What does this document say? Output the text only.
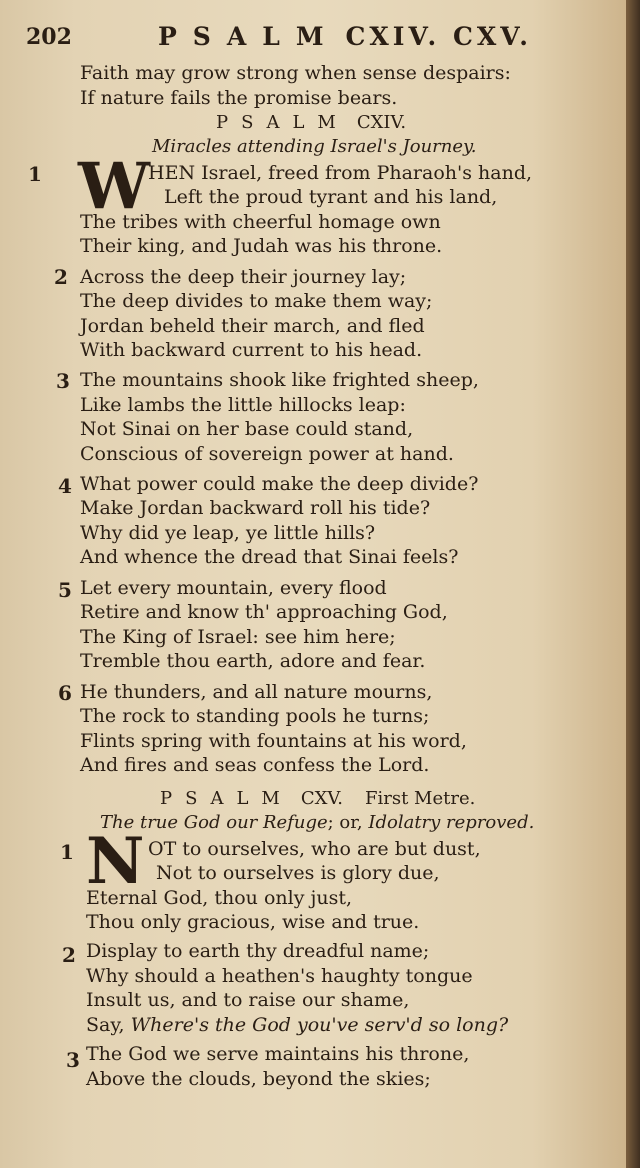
202	PSALM CXIV. CXV.
Faith may grow strong when sense despairs:
If nature fails the promise bears.
PSALM CXIV.
Miracles attending Israel's Journey.
1 W
HEN Israel, freed from Pharaoh's hand,
Left the proud tyrant and his land,
The tribes with cheerful homage own
Their king, and Judah was his throne.
2 Across the deep their journey lay;
The deep divides to make them way;
Jordan beheld their march, and fled
With backward current to his head.
3 The mountains shook like frighted sheep,
Like lambs the little hillocks leap:
Not Sinai on her base could stand,
Conscious of sovereign power at hand.
4 What power could make the deep divide?
Make Jordan backward roll his tide?
Why did ye leap, ye little hills?
And whence the dread that Sinai feels?
5 Let every mountain, every flood
Retire and know th' approaching God,
The King of Israel: see him here;
Tremble thou earth, adore and fear.
6 He thunders, and all nature mourns,
The rock to standing pools he turns;
Flints spring with fountains at his word,
And fires and seas confess the Lord.
PSALM CXV. First Metre.
The true God our Refuge; or, Idolatry reproved.
1 N OT to ourselves, who are but dust,
Not to ourselves is glory due,
Eternal God, thou only just,
Thou only gracious, wise and true.
2 Display to earth thy dreadful name;
Why should a heathen's haughty tongue
Insult us, and to raise our shame,
Say, Where's the God you've serv'd so long?
3 The God we serve maintains his throne,
Above the clouds, beyond the skies;
